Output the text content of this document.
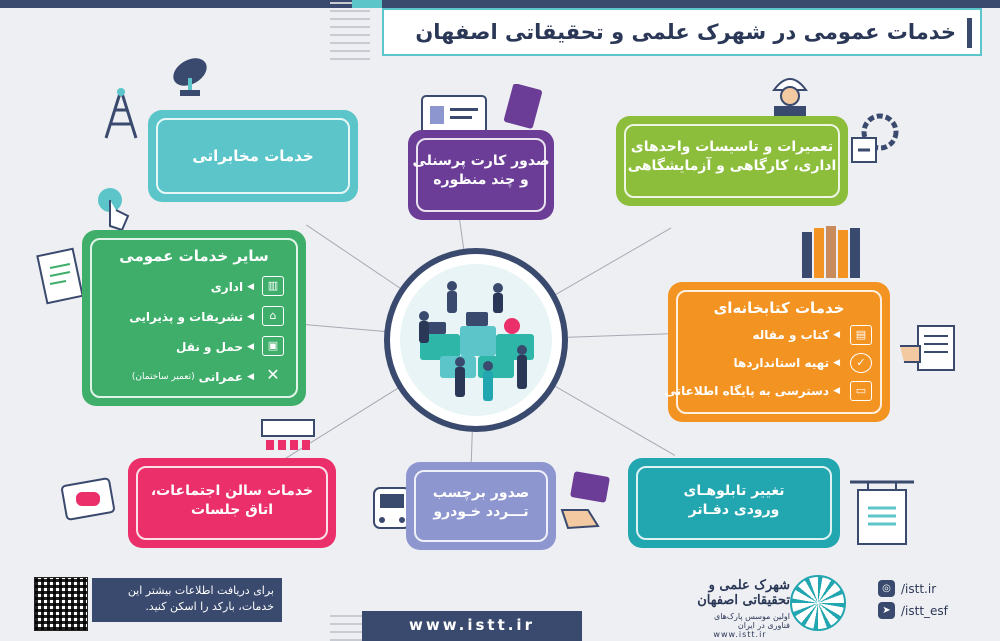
خدمات عمومی در شهرک علمی و تحقیقاتی اصفهان
خدمات مخابراتی	صدور کارت پرسنلی
و چند منظوره
تعمیرات و تاسیسات واحدهای
اداری، کارگاهی و آزمایشگاهی
سایر خدمات عمومی
◀
اداری
◀
تشریفات و پذیرایی
◀
حمل و نقل
◀
عمرانی
(تعمیر ساختمان)
▥
⌂
▣
✕
خدمات کتابخانه‌ای
◀
کتاب و مقاله
◀
تهیه استانداردها
◀
دسترسی به پایگاه اطلاعاتی
▤
✓
▭
خدمات سالن اجتماعات،
اتاق جلسات
صدور برچسب
تـــردد خـودرو
تغییر تابلوهـای
ورودی دفـاتر
برای دریافت اطلاعات بیشتر این
خدمات، بارکد را اسکن کنید.
www.istt.ir
شهرک علمی و تحقیقاتی اصفهان
اولین موسس پارک‌های فناوری در ایران
www.istt.ir
◎ /istt.ir
➤ /istt_esf
